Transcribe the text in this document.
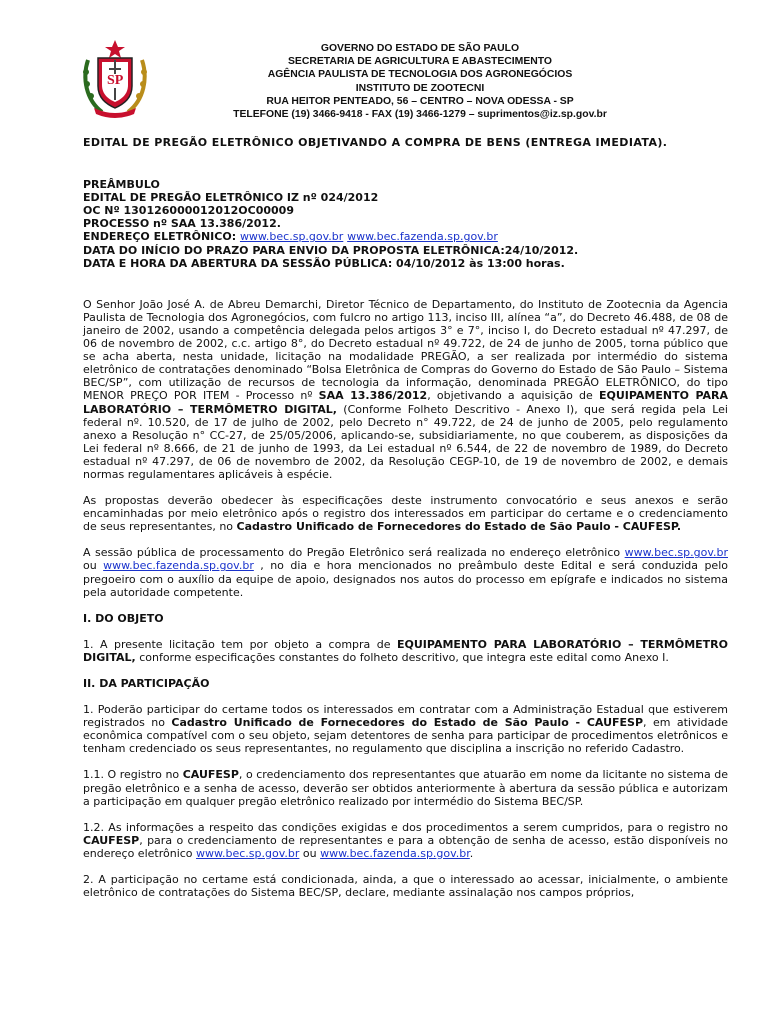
SP
GOVERNO DO ESTADO DE SÃO PAULO
SECRETARIA DE AGRICULTURA E ABASTECIMENTO
AGÊNCIA PAULISTA DE TECNOLOGIA DOS AGRONEGÓCIOS
INSTITUTO DE ZOOTECNI
RUA HEITOR PENTEADO, 56 – CENTRO – NOVA ODESSA - SP
TELEFONE (19) 3466-9418 - FAX (19) 3466-1279 – suprimentos@iz.sp.gov.br
EDITAL DE PREGÃO ELETRÔNICO OBJETIVANDO A COMPRA DE BENS (ENTREGA IMEDIATA).
PREÂMBULO
EDITAL DE PREGÃO ELETRÔNICO IZ nº 024/2012
OC Nº 130126000012012OC00009
PROCESSO nº SAA 13.386/2012.
ENDEREÇO ELETRÔNICO: www.bec.sp.gov.br www.bec.fazenda.sp.gov.br
DATA DO INÍCIO DO PRAZO PARA ENVIO DA PROPOSTA ELETRÔNICA:24/10/2012.
DATA E HORA DA ABERTURA DA SESSÃO PÚBLICA: 04/10/2012 às 13:00 horas.

O Senhor João José A. de Abreu Demarchi, Diretor Técnico de Departamento, do Instituto de Zootecnia da Agencia Paulista de Tecnologia dos Agronegócios, com fulcro no artigo 113, inciso III, alínea “a”, do Decreto 46.488, de 08 de janeiro de 2002, usando a competência delegada pelos artigos 3° e 7°, inciso I, do Decreto estadual nº 47.297, de 06 de novembro de 2002, c.c. artigo 8°, do Decreto estadual nº 49.722, de 24 de junho de 2005, torna público que se acha aberta, nesta unidade, licitação na modalidade PREGÃO, a ser realizada por intermédio do sistema eletrônico de contratações denominado “Bolsa Eletrônica de Compras do Governo do Estado de São Paulo – Sistema BEC/SP”, com utilização de recursos de tecnologia da informação, denominada PREGÃO ELETRÔNICO, do tipo MENOR PREÇO POR ITEM - Processo nº SAA 13.386/2012, objetivando a aquisição de EQUIPAMENTO PARA LABORATÓRIO – TERMÔMETRO DIGITAL, (Conforme Folheto Descritivo - Anexo I), que será regida pela Lei federal nº. 10.520, de 17 de julho de 2002, pelo Decreto n° 49.722, de 24 de junho de 2005, pelo regulamento anexo a Resolução n° CC-27, de 25/05/2006, aplicando-se, subsidiariamente, no que couberem, as disposições da Lei federal nº 8.666, de 21 de junho de 1993, da Lei estadual nº 6.544, de 22 de novembro de 1989, do Decreto estadual nº 47.297, de 06 de novembro de 2002, da Resolução CEGP-10, de 19 de novembro de 2002, e demais normas regulamentares aplicáveis à espécie.

As propostas deverão obedecer às especificações deste instrumento convocatório e seus anexos e serão encaminhadas por meio eletrônico após o registro dos interessados em participar do certame e o credenciamento de seus representantes, no Cadastro Unificado de Fornecedores do Estado de São Paulo - CAUFESP.

A sessão pública de processamento do Pregão Eletrônico será realizada no endereço eletrônico www.bec.sp.gov.br ou www.bec.fazenda.sp.gov.br , no dia e hora mencionados no preâmbulo deste Edital e será conduzida pelo pregoeiro com o auxílio da equipe de apoio, designados nos autos do processo em epígrafe e indicados no sistema pela autoridade competente.

I. DO OBJETO

1. A presente licitação tem por objeto a compra de EQUIPAMENTO PARA LABORATÓRIO – TERMÔMETRO DIGITAL, conforme especificações constantes do folheto descritivo, que integra este edital como Anexo I.

II. DA PARTICIPAÇÃO

1. Poderão participar do certame todos os interessados em contratar com a Administração Estadual que estiverem registrados no Cadastro Unificado de Fornecedores do Estado de São Paulo - CAUFESP, em atividade econômica compatível com o seu objeto, sejam detentores de senha para participar de procedimentos eletrônicos e tenham credenciado os seus representantes, no regulamento que disciplina a inscrição no referido Cadastro.

1.1. O registro no CAUFESP, o credenciamento dos representantes que atuarão em nome da licitante no sistema de pregão eletrônico e a senha de acesso, deverão ser obtidos anteriormente à abertura da sessão pública e autorizam a participação em qualquer pregão eletrônico realizado por intermédio do Sistema BEC/SP.

1.2. As informações a respeito das condições exigidas e dos procedimentos a serem cumpridos, para o registro no CAUFESP, para o credenciamento de representantes e para a obtenção de senha de acesso, estão disponíveis no endereço eletrônico www.bec.sp.gov.br ou www.bec.fazenda.sp.gov.br.

2. A participação no certame está condicionada, ainda, a que o interessado ao acessar, inicialmente, o ambiente eletrônico de contratações do Sistema BEC/SP, declare, mediante assinalação nos campos próprios,
